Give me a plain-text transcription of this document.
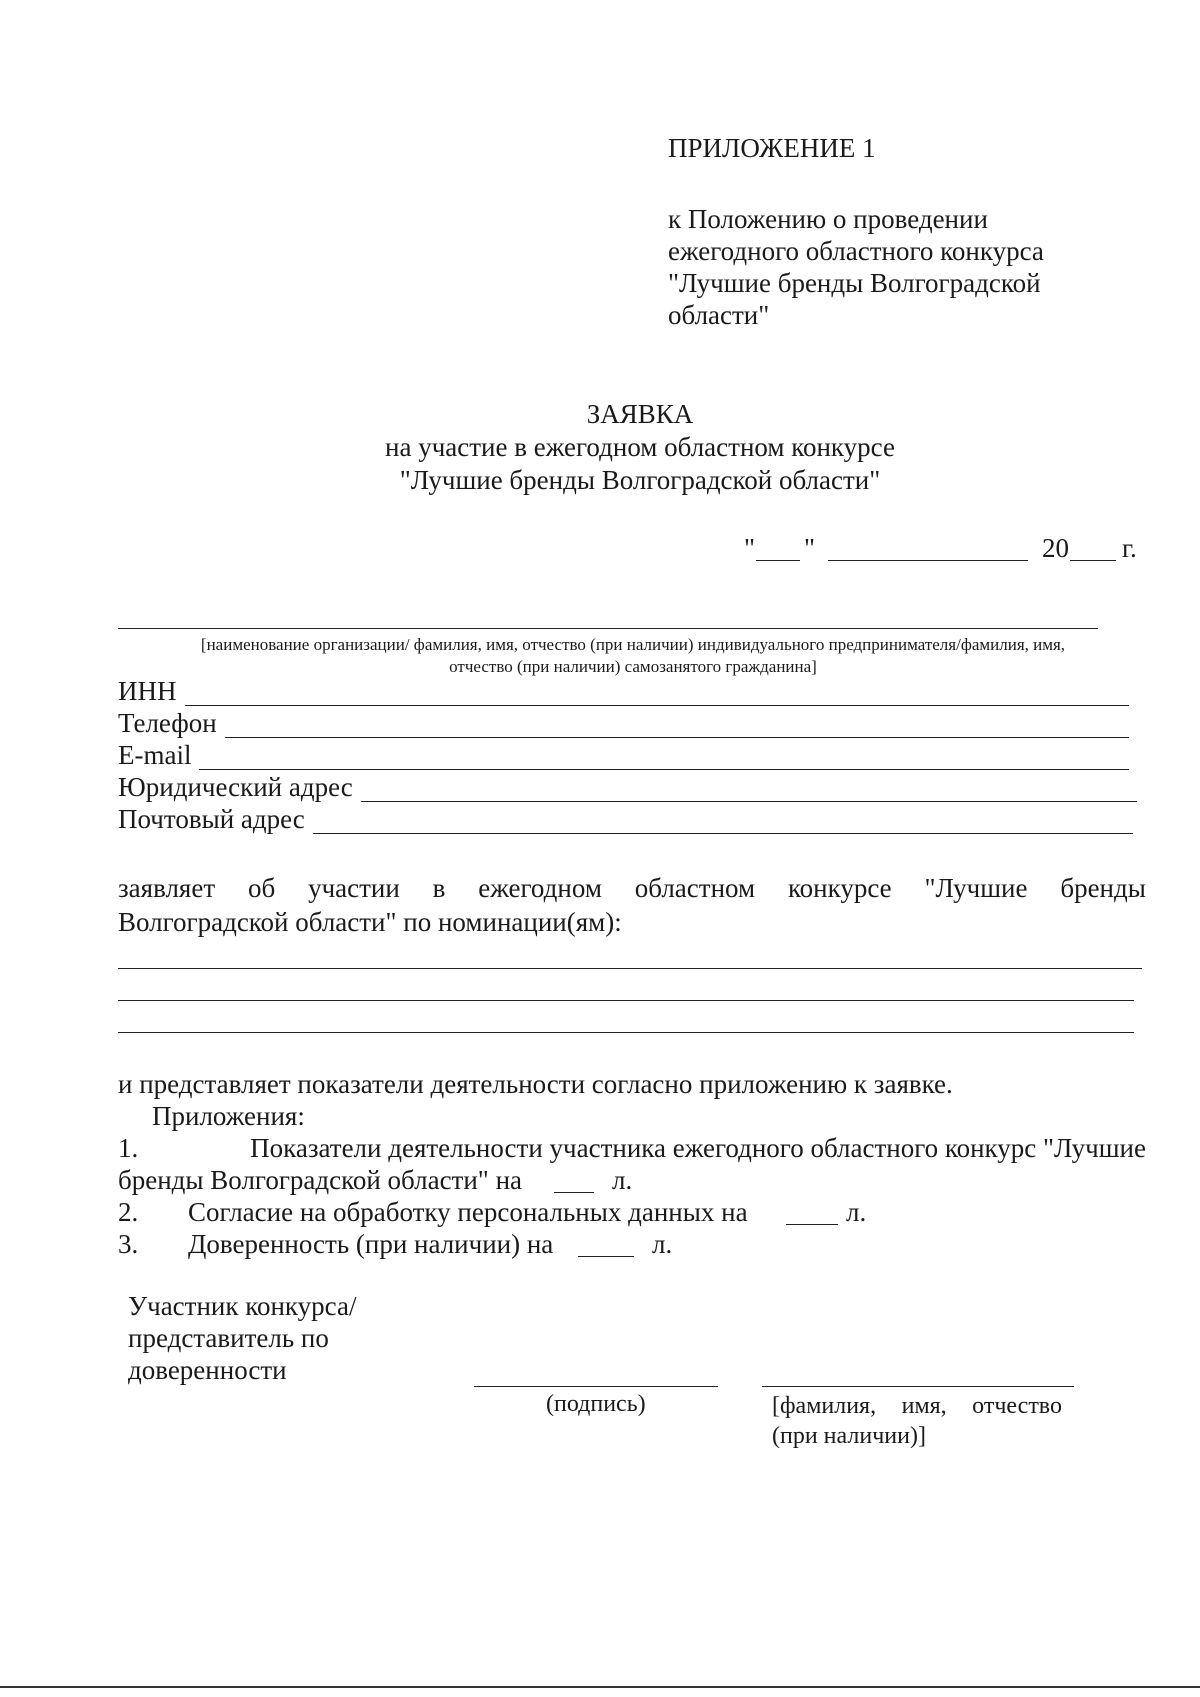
ПРИЛОЖЕНИЕ 1
к Положению о проведении
ежегодного областного конкурса
"Лучшие бренды Волгоградской
области"
ЗАЯВКА
на участие в ежегодном областном конкурсе
"Лучшие бренды Волгоградской области"
" "	20 г.
[наименование организации/ фамилия, имя, отчество (при наличии) индивидуального предпринимателя/фамилия, имя,
отчество (при наличии) самозанятого гражданина]
ИНН
Телефон
E-mail
Юридический адрес
Почтовый адрес
заявляет об участии в ежегодном областном конкурсе "Лучшие бренды
Волгоградской области" по номинации(ям):
и представляет показатели деятельности согласно приложению к заявке.
Приложения:
1.	Показатели деятельности участника ежегодного областного конкурс "Лучшие
бренды Волгоградской области" на	л.
2. Согласие на обработку персональных данных на	л.
3. Доверенность (при наличии) на	л.
Участник конкурса/
представитель по
доверенности
(подпись)	[фамилия, имя, отчество
(при наличии)]
